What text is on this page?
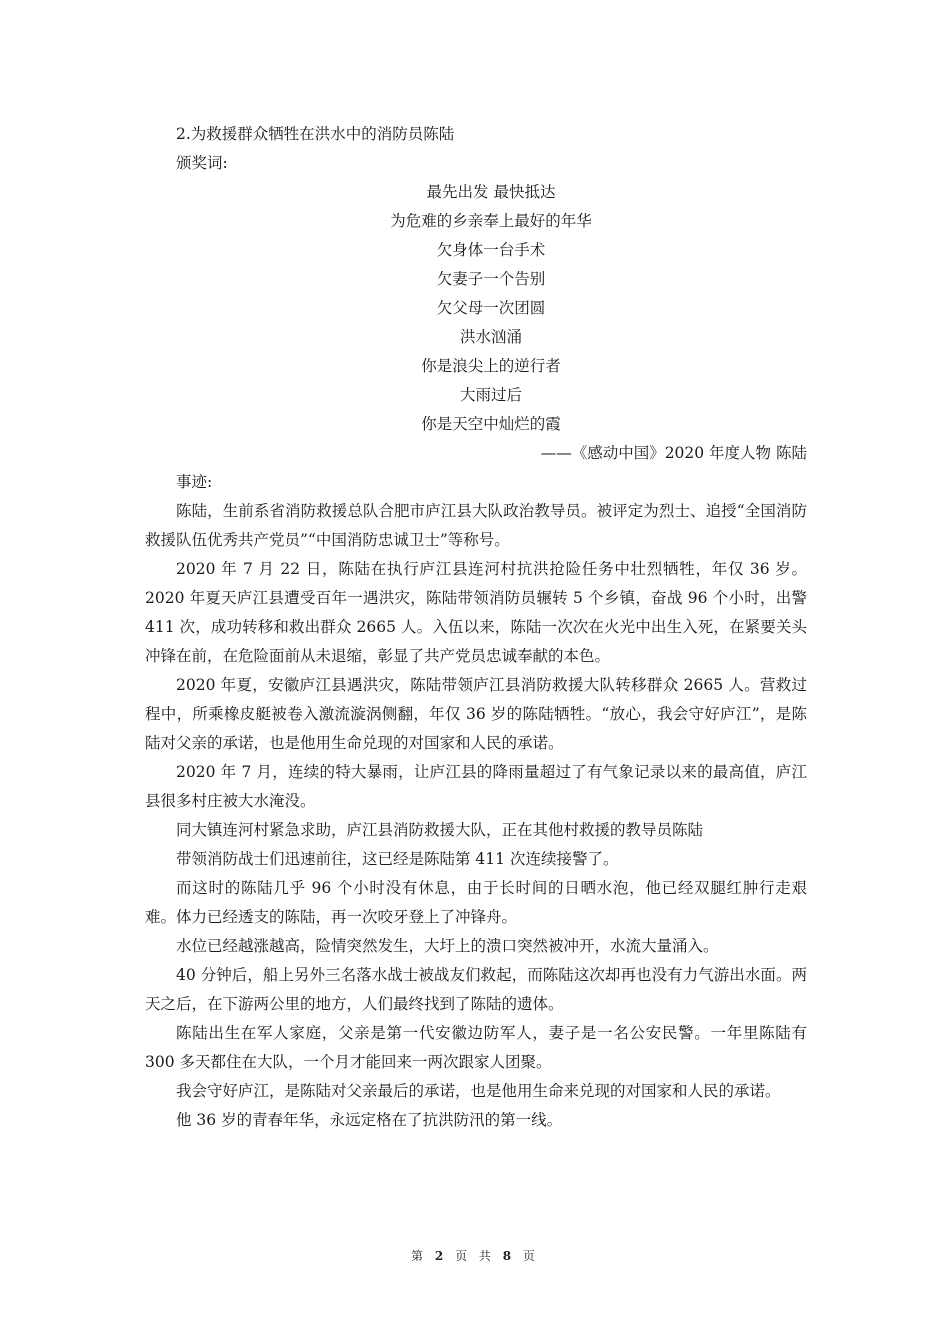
2.为救援群众牺牲在洪水中的消防员陈陆

颁奖词:

最先出发 最快抵达
为危难的乡亲奉上最好的年华
欠身体一台手术
欠妻子一个告别
欠父母一次团圆
洪水汹涌
你是浪尖上的逆行者
大雨过后
你是天空中灿烂的霞

——《感动中国》2020 年度人物 陈陆

事迹:

陈陆，生前系省消防救援总队合肥市庐江县大队政治教导员。被评定为烈士、追授“全国消防救援队伍优秀共产党员”“中国消防忠诚卫士”等称号。

2020 年 7 月 22 日，陈陆在执行庐江县连河村抗洪抢险任务中壮烈牺牲，年仅 36 岁。2020 年夏天庐江县遭受百年一遇洪灾，陈陆带领消防员辗转 5 个乡镇，奋战 96 个小时，出警 411 次，成功转移和救出群众 2665 人。入伍以来，陈陆一次次在火光中出生入死，在紧要关头冲锋在前，在危险面前从未退缩，彰显了共产党员忠诚奉献的本色。

2020 年夏，安徽庐江县遇洪灾，陈陆带领庐江县消防救援大队转移群众 2665 人。营救过程中，所乘橡皮艇被卷入激流漩涡侧翻，年仅 36 岁的陈陆牺牲。“放心，我会守好庐江”，是陈陆对父亲的承诺，也是他用生命兑现的对国家和人民的承诺。

2020 年 7 月，连续的特大暴雨，让庐江县的降雨量超过了有气象记录以来的最高值，庐江县很多村庄被大水淹没。

同大镇连河村紧急求助，庐江县消防救援大队，正在其他村救援的教导员陈陆

带领消防战士们迅速前往，这已经是陈陆第 411 次连续接警了。

而这时的陈陆几乎 96 个小时没有休息，由于长时间的日晒水泡，他已经双腿红肿行走艰难。体力已经透支的陈陆，再一次咬牙登上了冲锋舟。

水位已经越涨越高，险情突然发生，大圩上的溃口突然被冲开，水流大量涌入。

40 分钟后，船上另外三名落水战士被战友们救起，而陈陆这次却再也没有力气游出水面。两天之后，在下游两公里的地方，人们最终找到了陈陆的遗体。

陈陆出生在军人家庭，父亲是第一代安徽边防军人，妻子是一名公安民警。一年里陈陆有 300 多天都住在大队，一个月才能回来一两次跟家人团聚。

我会守好庐江，是陈陆对父亲最后的承诺，也是他用生命来兑现的对国家和人民的承诺。

他 36 岁的青春年华，永远定格在了抗洪防汛的第一线。

第 2 页 共 8 页
